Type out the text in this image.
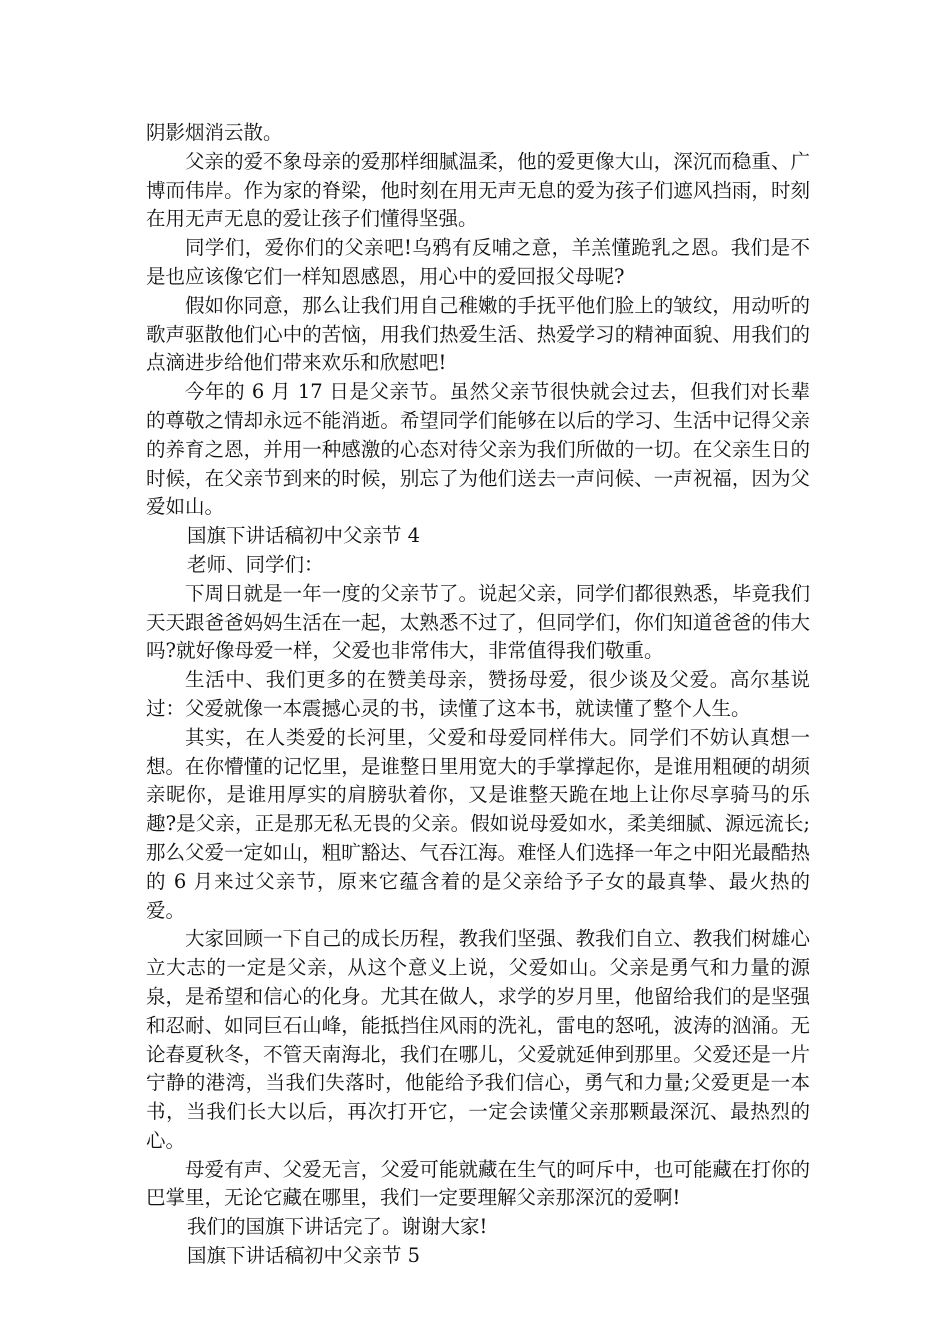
阴影烟消云散。

父亲的爱不象母亲的爱那样细腻温柔，他的爱更像大山，深沉而稳重、广博而伟岸。作为家的脊梁，他时刻在用无声无息的爱为孩子们遮风挡雨，时刻在用无声无息的爱让孩子们懂得坚强。

同学们，爱你们的父亲吧!乌鸦有反哺之意，羊羔懂跪乳之恩。我们是不是也应该像它们一样知恩感恩，用心中的爱回报父母呢?

假如你同意，那么让我们用自己稚嫩的手抚平他们脸上的皱纹，用动听的歌声驱散他们心中的苦恼，用我们热爱生活、热爱学习的精神面貌、用我们的点滴进步给他们带来欢乐和欣慰吧!

今年的 6 月 17 日是父亲节。虽然父亲节很快就会过去，但我们对长辈的尊敬之情却永远不能消逝。希望同学们能够在以后的学习、生活中记得父亲的养育之恩，并用一种感激的心态对待父亲为我们所做的一切。在父亲生日的时候，在父亲节到来的时候，别忘了为他们送去一声问候、一声祝福，因为父爱如山。

国旗下讲话稿初中父亲节 4

老师、同学们：

下周日就是一年一度的父亲节了。说起父亲，同学们都很熟悉，毕竟我们天天跟爸爸妈妈生活在一起，太熟悉不过了，但同学们，你们知道爸爸的伟大吗?就好像母爱一样，父爱也非常伟大，非常值得我们敬重。

生活中、我们更多的在赞美母亲，赞扬母爱，很少谈及父爱。高尔基说过：父爱就像一本震撼心灵的书，读懂了这本书，就读懂了整个人生。

其实，在人类爱的长河里，父爱和母爱同样伟大。同学们不妨认真想一想。在你懵懂的记忆里，是谁整日里用宽大的手掌撑起你，是谁用粗硬的胡须亲昵你，是谁用厚实的肩膀驮着你，又是谁整天跪在地上让你尽享骑马的乐趣?是父亲，正是那无私无畏的父亲。假如说母爱如水，柔美细腻、源远流长;那么父爱一定如山，粗旷豁达、气吞江海。难怪人们选择一年之中阳光最酷热的 6 月来过父亲节，原来它蕴含着的是父亲给予子女的最真挚、最火热的爱。

大家回顾一下自己的成长历程，教我们坚强、教我们自立、教我们树雄心立大志的一定是父亲，从这个意义上说，父爱如山。父亲是勇气和力量的源泉，是希望和信心的化身。尤其在做人，求学的岁月里，他留给我们的是坚强和忍耐、如同巨石山峰，能抵挡住风雨的洗礼，雷电的怒吼，波涛的汹涌。无论春夏秋冬，不管天南海北，我们在哪儿，父爱就延伸到那里。父爱还是一片宁静的港湾，当我们失落时，他能给予我们信心，勇气和力量;父爱更是一本书，当我们长大以后，再次打开它，一定会读懂父亲那颗最深沉、最热烈的心。

母爱有声、父爱无言，父爱可能就藏在生气的呵斥中，也可能藏在打你的巴掌里，无论它藏在哪里，我们一定要理解父亲那深沉的爱啊!

我们的国旗下讲话完了。谢谢大家!

国旗下讲话稿初中父亲节 5
